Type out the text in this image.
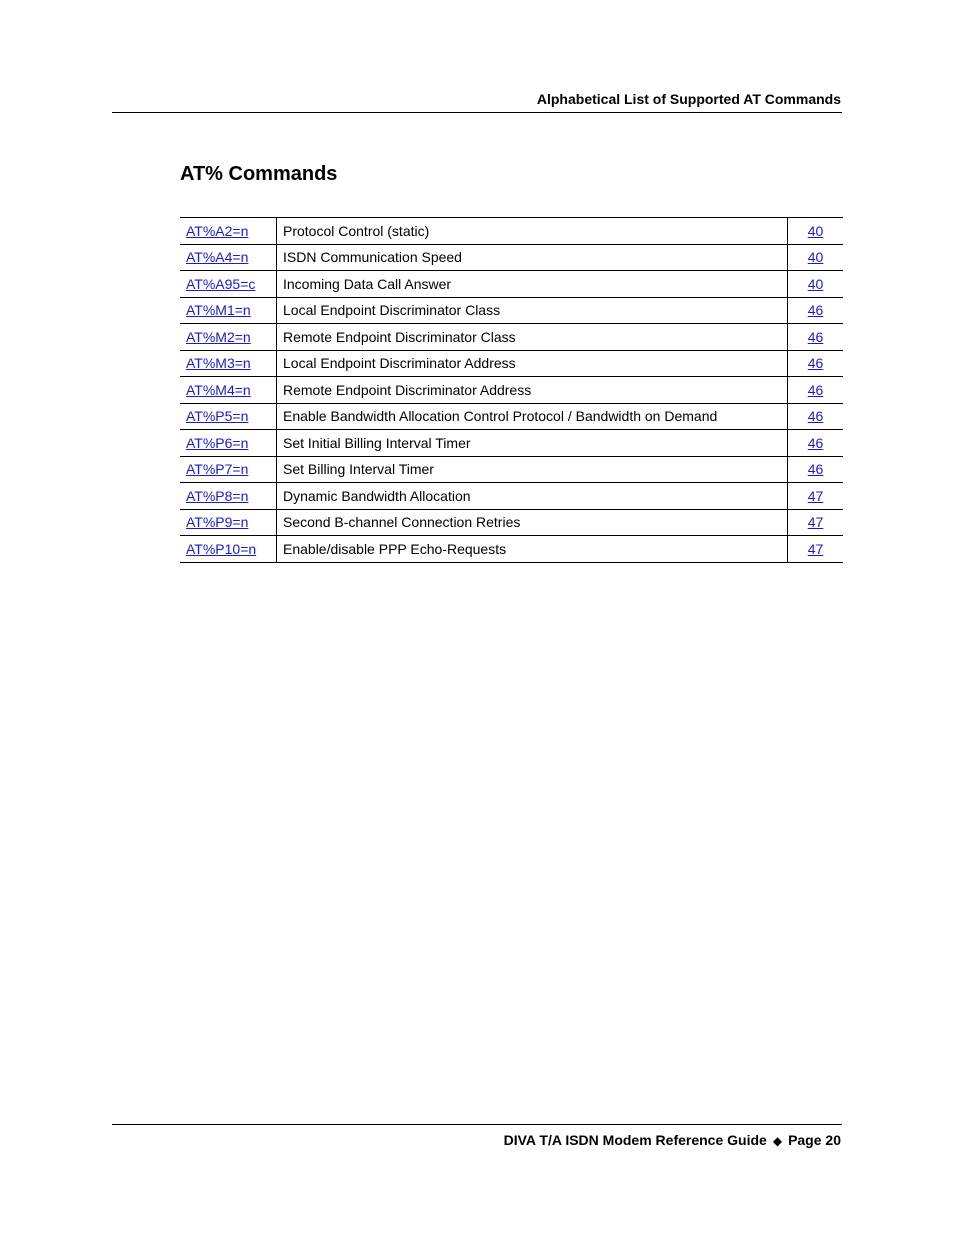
Alphabetical List of Supported AT Commands
AT% Commands
AT%A2=n	Protocol Control (static)	40
AT%A4=n	ISDN Communication Speed	40
AT%A95=c	Incoming Data Call Answer	40
AT%M1=n	Local Endpoint Discriminator Class	46
AT%M2=n	Remote Endpoint Discriminator Class	46
AT%M3=n	Local Endpoint Discriminator Address	46
AT%M4=n	Remote Endpoint Discriminator Address	46
AT%P5=n	Enable Bandwidth Allocation Control Protocol / Bandwidth on Demand	46
AT%P6=n	Set Initial Billing Interval Timer	46
AT%P7=n	Set Billing Interval Timer	46
AT%P8=n	Dynamic Bandwidth Allocation	47
AT%P9=n	Second B-channel Connection Retries	47
AT%P10=n	Enable/disable PPP Echo-Requests	47
DIVA T/A ISDN Modem Reference Guide ◆ Page 20
